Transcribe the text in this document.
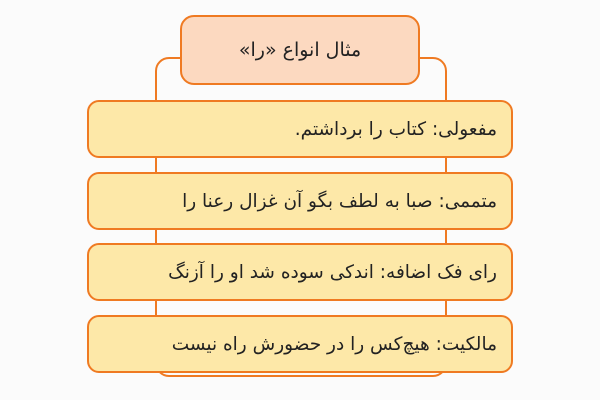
مثال انواع «را»
مفعولی: کتاب را برداشتم.
متممی: صبا به لطف بگو آن غزال رعنا را
رای فک اضافه: اندکی سوده شد او را آزنگ
مالکیت: هیچ‌کس را در حضورش راه نیست
